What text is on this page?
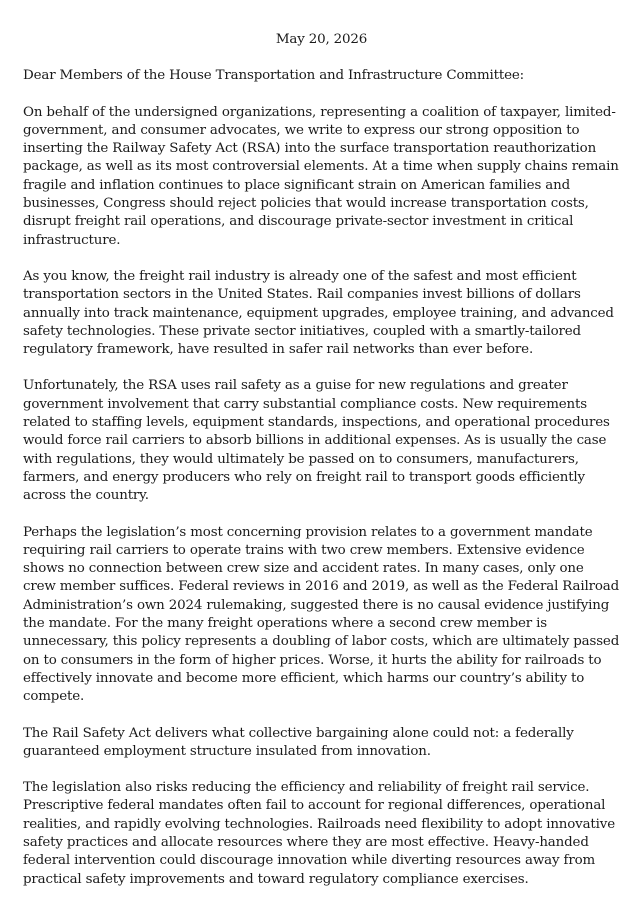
May 20, 2026

Dear Members of the House Transportation and Infrastructure Committee:

On behalf of the undersigned organizations, representing a coalition of taxpayer, limited-government, and consumer advocates, we write to express our strong opposition to inserting the Railway Safety Act (RSA) into the surface transportation reauthorization package, as well as its most controversial elements. At a time when supply chains remain fragile and inflation continues to place significant strain on American families and businesses, Congress should reject policies that would increase transportation costs, disrupt freight rail operations, and discourage private-sector investment in critical infrastructure.

As you know, the freight rail industry is already one of the safest and most efficient transportation sectors in the United States. Rail companies invest billions of dollars annually into track maintenance, equipment upgrades, employee training, and advanced safety technologies. These private sector initiatives, coupled with a smartly-tailored regulatory framework, have resulted in safer rail networks than ever before.

Unfortunately, the RSA uses rail safety as a guise for new regulations and greater government involvement that carry substantial compliance costs. New requirements related to staffing levels, equipment standards, inspections, and operational procedures would force rail carriers to absorb billions in additional expenses. As is usually the case with regulations, they would ultimately be passed on to consumers, manufacturers, farmers, and energy producers who rely on freight rail to transport goods efficiently across the country.

Perhaps the legislation’s most concerning provision relates to a government mandate requiring rail carriers to operate trains with two crew members. Extensive evidence shows no connection between crew size and accident rates. In many cases, only one crew member suffices. Federal reviews in 2016 and 2019, as well as the Federal Railroad Administration’s own 2024 rulemaking, suggested there is no causal evidence justifying the mandate. For the many freight operations where a second crew member is unnecessary, this policy represents a doubling of labor costs, which are ultimately passed on to consumers in the form of higher prices. Worse, it hurts the ability for railroads to effectively innovate and become more efficient, which harms our country’s ability to compete.

The Rail Safety Act delivers what collective bargaining alone could not: a federally guaranteed employment structure insulated from innovation.

The legislation also risks reducing the efficiency and reliability of freight rail service. Prescriptive federal mandates often fail to account for regional differences, operational realities, and rapidly evolving technologies. Railroads need flexibility to adopt innovative safety practices and allocate resources where they are most effective. Heavy-handed federal intervention could discourage innovation while diverting resources away from practical safety improvements and toward regulatory compliance exercises.
